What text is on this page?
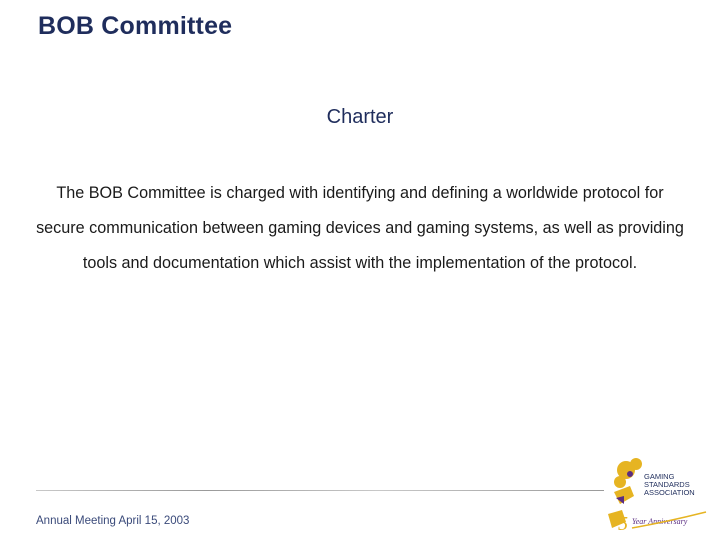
BOB Committee
Charter
The BOB Committee is charged with identifying and defining a worldwide protocol for secure communication between gaming devices and gaming systems, as well as providing tools and documentation which assist with the implementation of the protocol.
Annual Meeting April 15, 2003
GAMING
STANDARDS
ASSOCIATION
5 Year Anniversary
